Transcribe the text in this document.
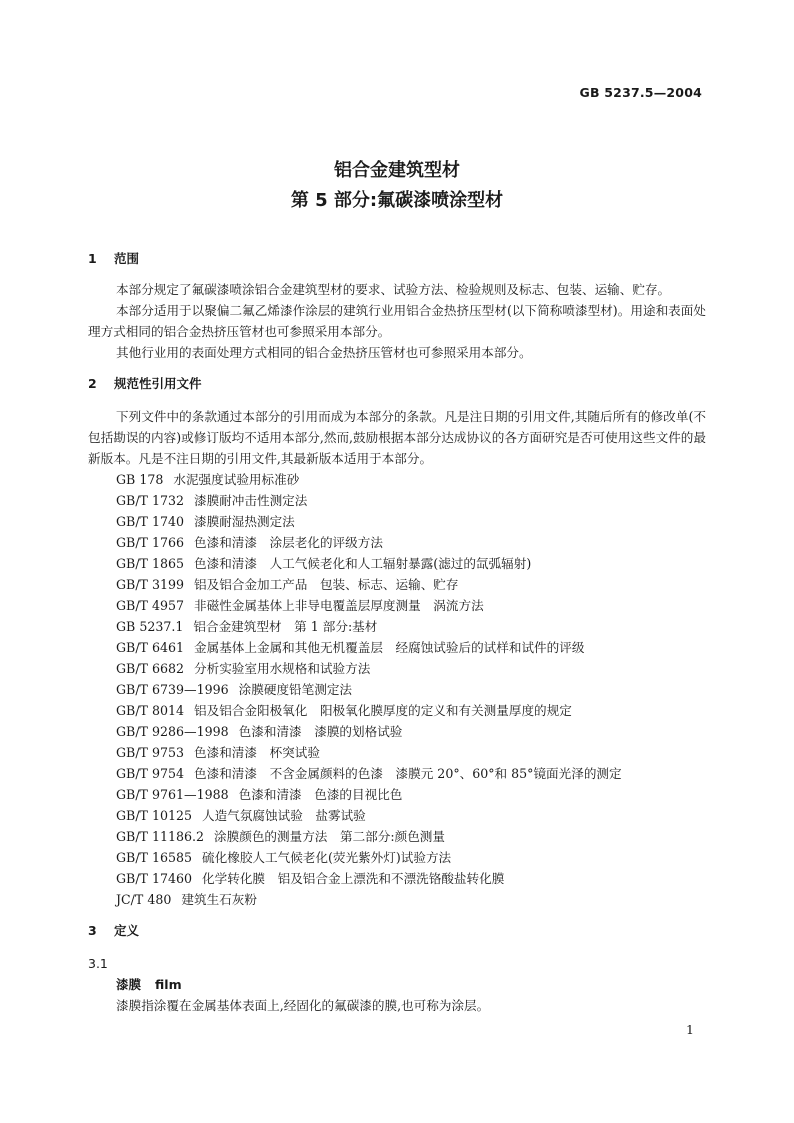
GB 5237.5—2004
铝合金建筑型材
第 5 部分:氟碳漆喷涂型材
1 范围
本部分规定了氟碳漆喷涂铝合金建筑型材的要求、试验方法、检验规则及标志、包装、运输、贮存。
本部分适用于以聚偏二氟乙烯漆作涂层的建筑行业用铝合金热挤压型材(以下简称喷漆型材)。用途和表面处理方式相同的铝合金热挤压管材也可参照采用本部分。
其他行业用的表面处理方式相同的铝合金热挤压管材也可参照采用本部分。
2 规范性引用文件
下列文件中的条款通过本部分的引用而成为本部分的条款。凡是注日期的引用文件,其随后所有的修改单(不包括勘误的内容)或修订版均不适用本部分,然而,鼓励根据本部分达成协议的各方面研究是否可使用这些文件的最新版本。凡是不注日期的引用文件,其最新版本适用于本部分。
GB 178 水泥强度试验用标准砂
GB/T 1732 漆膜耐冲击性测定法
GB/T 1740 漆膜耐湿热测定法
GB/T 1766 色漆和清漆　涂层老化的评级方法
GB/T 1865 色漆和清漆　人工气候老化和人工辐射暴露(滤过的氙弧辐射)
GB/T 3199 铝及铝合金加工产品　包装、标志、运输、贮存
GB/T 4957 非磁性金属基体上非导电覆盖层厚度测量　涡流方法
GB 5237.1 铝合金建筑型材　第 1 部分:基材
GB/T 6461 金属基体上金属和其他无机覆盖层　经腐蚀试验后的试样和试件的评级
GB/T 6682 分析实验室用水规格和试验方法
GB/T 6739—1996 涂膜硬度铅笔测定法
GB/T 8014 铝及铝合金阳极氧化　阳极氧化膜厚度的定义和有关测量厚度的规定
GB/T 9286—1998 色漆和清漆　漆膜的划格试验
GB/T 9753 色漆和清漆　杯突试验
GB/T 9754 色漆和清漆　不含金属颜料的色漆　漆膜元 20°、60°和 85°镜面光泽的测定
GB/T 9761—1988 色漆和清漆　色漆的目视比色
GB/T 10125 人造气氛腐蚀试验　盐雾试验
GB/T 11186.2 涂膜颜色的测量方法　第二部分:颜色测量
GB/T 16585 硫化橡胶人工气候老化(荧光紫外灯)试验方法
GB/T 17460 化学转化膜　铝及铝合金上漂洗和不漂洗铬酸盐转化膜
JC/T 480 建筑生石灰粉
3 定义
3.1
漆膜 film
漆膜指涂覆在金属基体表面上,经固化的氟碳漆的膜,也可称为涂层。
1
